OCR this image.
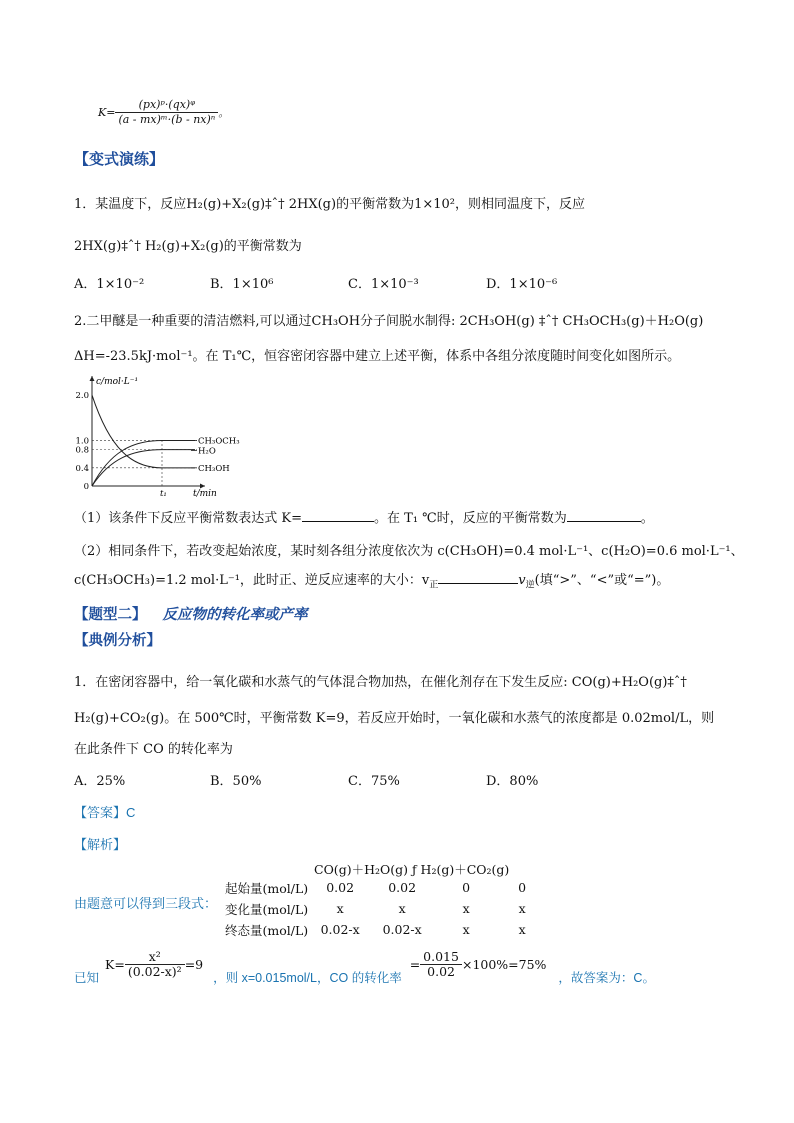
$K= \frac{\text{(px)ᵖ·(qx)ᵠ}}{\text{(a - mx)ᵐ·(b - nx)ⁿ}}$ 。
【变式演练】
1．某温度下，反应H₂(g)+X₂(g)‡ˆ† 2HX(g)的平衡常数为1×10²，则相同温度下，反应
2HX(g)‡ˆ† H₂(g)+X₂(g)的平衡常数为
A．1×10⁻²	B．1×10⁶	C．1×10⁻³	D．1×10⁻⁶
2.二甲醚是一种重要的清洁燃料,可以通过CH₃OH分子间脱水制得: 2CH₃OH(g) ‡ˆ† CH₃OCH₃(g)＋H₂O(g)
ΔH=-23.5kJ·mol⁻¹。在 T₁℃，恒容密闭容器中建立上述平衡，体系中各组分浓度随时间变化如图所示。
c/mol·L⁻¹
t/min
2.0
1.0
0.8
0.4
0
t₁
CH₃OCH₃
H₂O
CH₃OH
（1）该条件下反应平衡常数表达式 K=	。在 T₁ ℃时，反应的平衡常数为	。
（2）相同条件下，若改变起始浓度，某时刻各组分浓度依次为 c(CH₃OH)=0.4 mol·L⁻¹、c(H₂O)=0.6 mol·L⁻¹、
c(CH₃OCH₃)=1.2 mol·L⁻¹，此时正、逆反应速率的大小：$v_正$	$v_逆$(填“>”、“<”或“=”)。
【题型二】 反应物的转化率或产率
【典例分析】
1．在密闭容器中，给一氧化碳和水蒸气的气体混合物加热，在催化剂存在下发生反应: CO(g)+H₂O(g)‡ˆ†
H₂(g)+CO₂(g)。在 500℃时，平衡常数 K=9，若反应开始时，一氧化碳和水蒸气的浓度都是 0.02mol/L，则
在此条件下 CO 的转化率为
A．25%	B．50%	C．75%	D．80%
【答案】C
【解析】
CO(g)＋H₂O(g) ƒ H₂(g)＋CO₂(g)
由题意可以得到三段式：
起始量(mol/L)	0.02	0.02	0	0
变化量(mol/L)	x	x	x	x
终态量(mol/L)	0.02-x	0.02-x	x	x
已知 $K= \frac{\text{x²}}{\text{(0.02-x)²}} =9$ ，则 x=0.015mol/L，CO 的转化率 = $\frac{0.015}{0.02} \times 100\%=75\%$ ，故答案为：C。
